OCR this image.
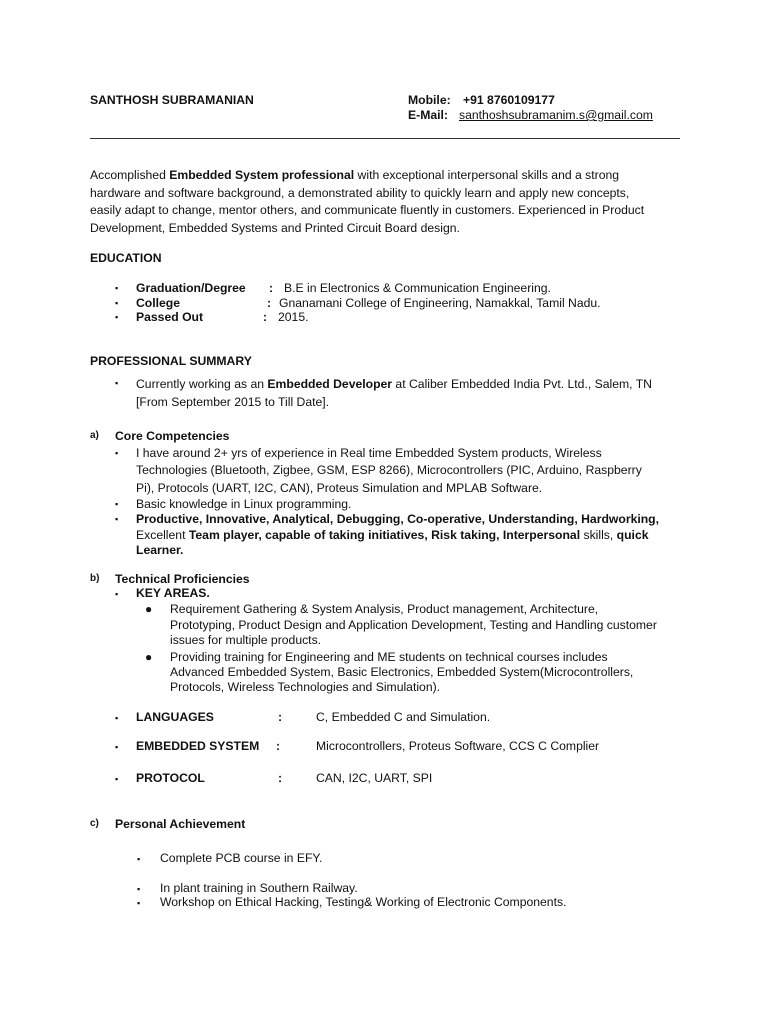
SANTHOSH SUBRAMANIAN	Mobile: +91 8760109177
E-Mail: santhoshsubramanim.s@gmail.com
Accomplished Embedded System professional with exceptional interpersonal skills and a strong
hardware and software background, a demonstrated ability to quickly learn and apply new concepts,
easily adapt to change, mentor others, and communicate fluently in customers. Experienced in Product
Development, Embedded Systems and Printed Circuit Board design.
EDUCATION
▪ Graduation/Degree : B.E in Electronics & Communication Engineering.
▪ College	: Gnanamani College of Engineering, Namakkal, Tamil Nadu.
▪ Passed Out	: 2015.
PROFESSIONAL SUMMARY
▪ Currently working as an Embedded Developer at Caliber Embedded India Pvt. Ltd., Salem, TN
[From September 2015 to Till Date].
a) Core Competencies
▪ I have around 2+ yrs of experience in Real time Embedded System products, Wireless
Technologies (Bluetooth, Zigbee, GSM, ESP 8266), Microcontrollers (PIC, Arduino, Raspberry
Pi), Protocols (UART, I2C, CAN), Proteus Simulation and MPLAB Software.
▪ Basic knowledge in Linux programming.
▪ Productive, Innovative, Analytical, Debugging, Co-operative, Understanding, Hardworking,
Excellent Team player, capable of taking initiatives, Risk taking, Interpersonal skills, quick
Learner.
b) Technical Proficiencies
▪ KEY AREAS.
● Requirement Gathering & System Analysis, Product management, Architecture,
Prototyping, Product Design and Application Development, Testing and Handling customer
issues for multiple products.
● Providing training for Engineering and ME students on technical courses includes
Advanced Embedded System, Basic Electronics, Embedded System(Microcontrollers,
Protocols, Wireless Technologies and Simulation).
▪ LANGUAGES	:	C, Embedded C and Simulation.
▪ EMBEDDED SYSTEM :	Microcontrollers, Proteus Software, CCS C Complier
▪ PROTOCOL	:	CAN, I2C, UART, SPI
c) Personal Achievement
▪ Complete PCB course in EFY.
▪ In plant training in Southern Railway.
▪ Workshop on Ethical Hacking, Testing& Working of Electronic Components.
